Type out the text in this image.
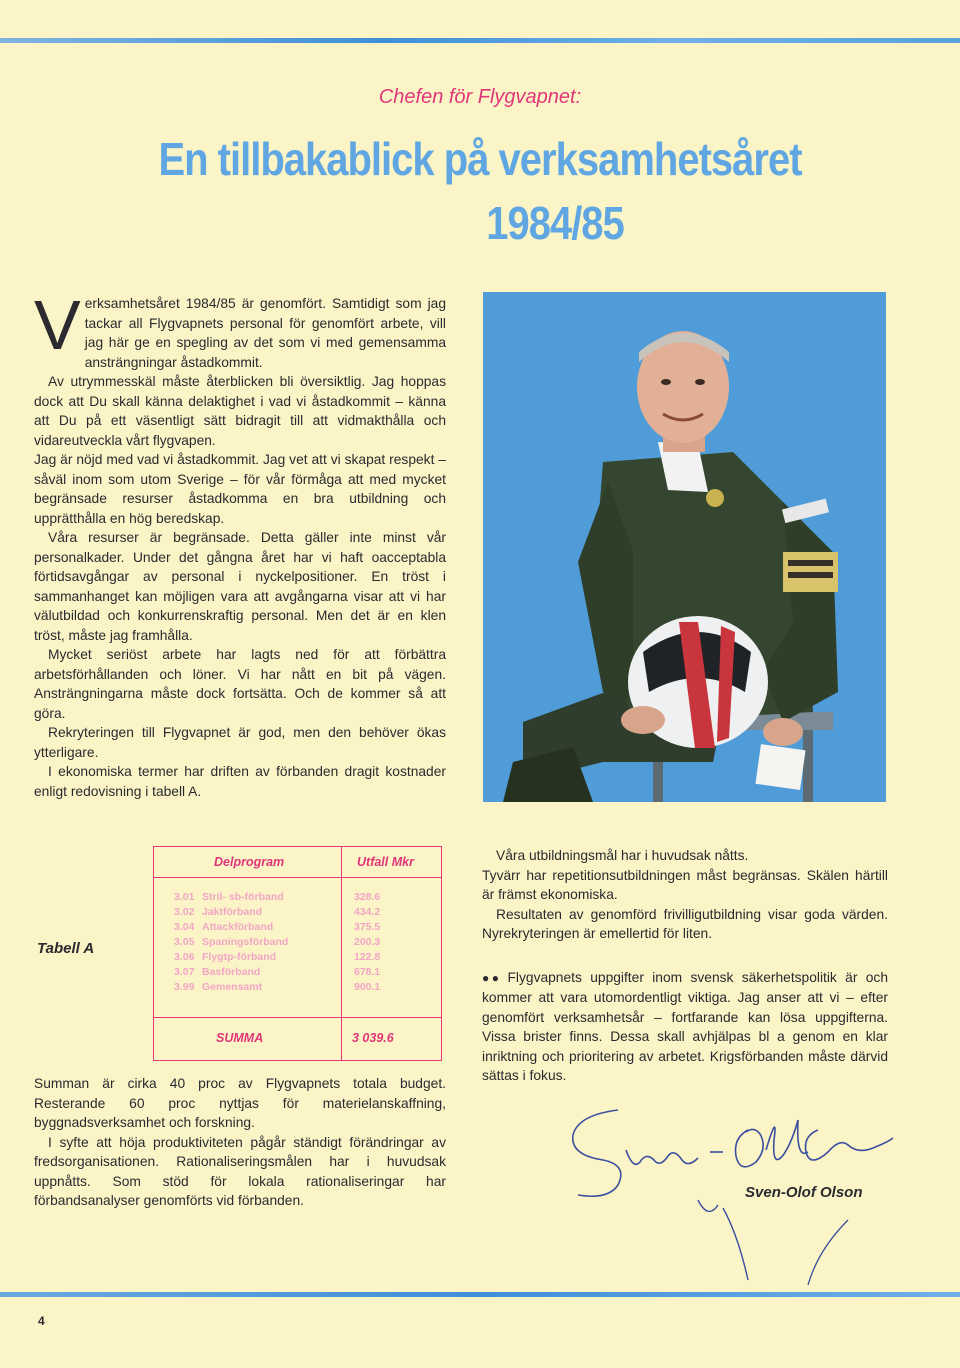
Chefen för Flygvapnet:
En tillbakablick på verksamhetsåret
1984/85
V erksamhetsåret 1984/85 är genomfört. Samtidigt som jag tackar all Flygvapnets personal för genomfört arbete, vill jag här ge en spegling av det som vi med gemensamma ansträngningar åstadkommit.

Av utrymmesskäl måste återblicken bli översiktlig. Jag hoppas dock att Du skall känna delaktighet i vad vi åstadkommit – känna att Du på ett väsentligt sätt bidragit till att vidmakthålla och vidareutveckla vårt flygvapen.

Jag är nöjd med vad vi åstadkommit. Jag vet att vi skapat respekt – såväl inom som utom Sverige – för vår förmåga att med mycket begränsade resurser åstadkomma en bra utbildning och upprätthålla en hög beredskap.

Våra resurser är begränsade. Detta gäller inte minst vår personalkader. Under det gångna året har vi haft oacceptabla förtidsavgångar av personal i nyckelpositioner. En tröst i sammanhanget kan möjligen vara att avgångarna visar att vi har välutbildad och konkurrenskraftig personal. Men det är en klen tröst, måste jag framhålla.

Mycket seriöst arbete har lagts ned för att förbättra arbetsförhållanden och löner. Vi har nått en bit på vägen. Ansträngningarna måste dock fortsätta. Och de kommer så att göra.

Rekryteringen till Flygvapnet är god, men den behöver ökas ytterligare.

I ekonomiska termer har driften av förbanden dragit kostnader enligt redovisning i tabell A.

Tabell A
Delprogram	Utfall Mkr
3.01 Stril- sb-förband	328.6
3.02 Jaktförband	434.2
3.04 Attackförband	375.5
3.05 Spaningsförband	200.3
3.06 Flygtp-förband	122.8
3.07 Basförband	678.1
3.99 Gemensamt	900.1
SUMMA	3 039.6

Summan är cirka 40 proc av Flygvapnets totala budget. Resterande 60 proc nyttjas för materielanskaffning, byggnadsverksamhet och forskning.

I syfte att höja produktiviteten pågår ständigt förändringar av fredsorganisationen. Rationaliseringsmålen har i huvudsak uppnåtts. Som stöd för lokala rationaliseringar har förbandsanalyser genomförts vid förbanden.

Våra utbildningsmål har i huvudsak nåtts.

Tyvärr har repetitionsutbildningen måst begränsas. Skälen härtill är främst ekonomiska.

Resultaten av genomförd frivilligutbildning visar goda värden. Nyrekryteringen är emellertid för liten.

●● Flygvapnets uppgifter inom svensk säkerhetspolitik är och kommer att vara utomordentligt viktiga. Jag anser att vi – efter genomfört verksamhetsår – fortfarande kan lösa uppgifterna. Vissa brister finns. Dessa skall avhjälpas bl a genom en klar inriktning och prioritering av arbetet. Krigsförbanden måste därvid sättas i fokus.

Sven-Olof Olson
4
